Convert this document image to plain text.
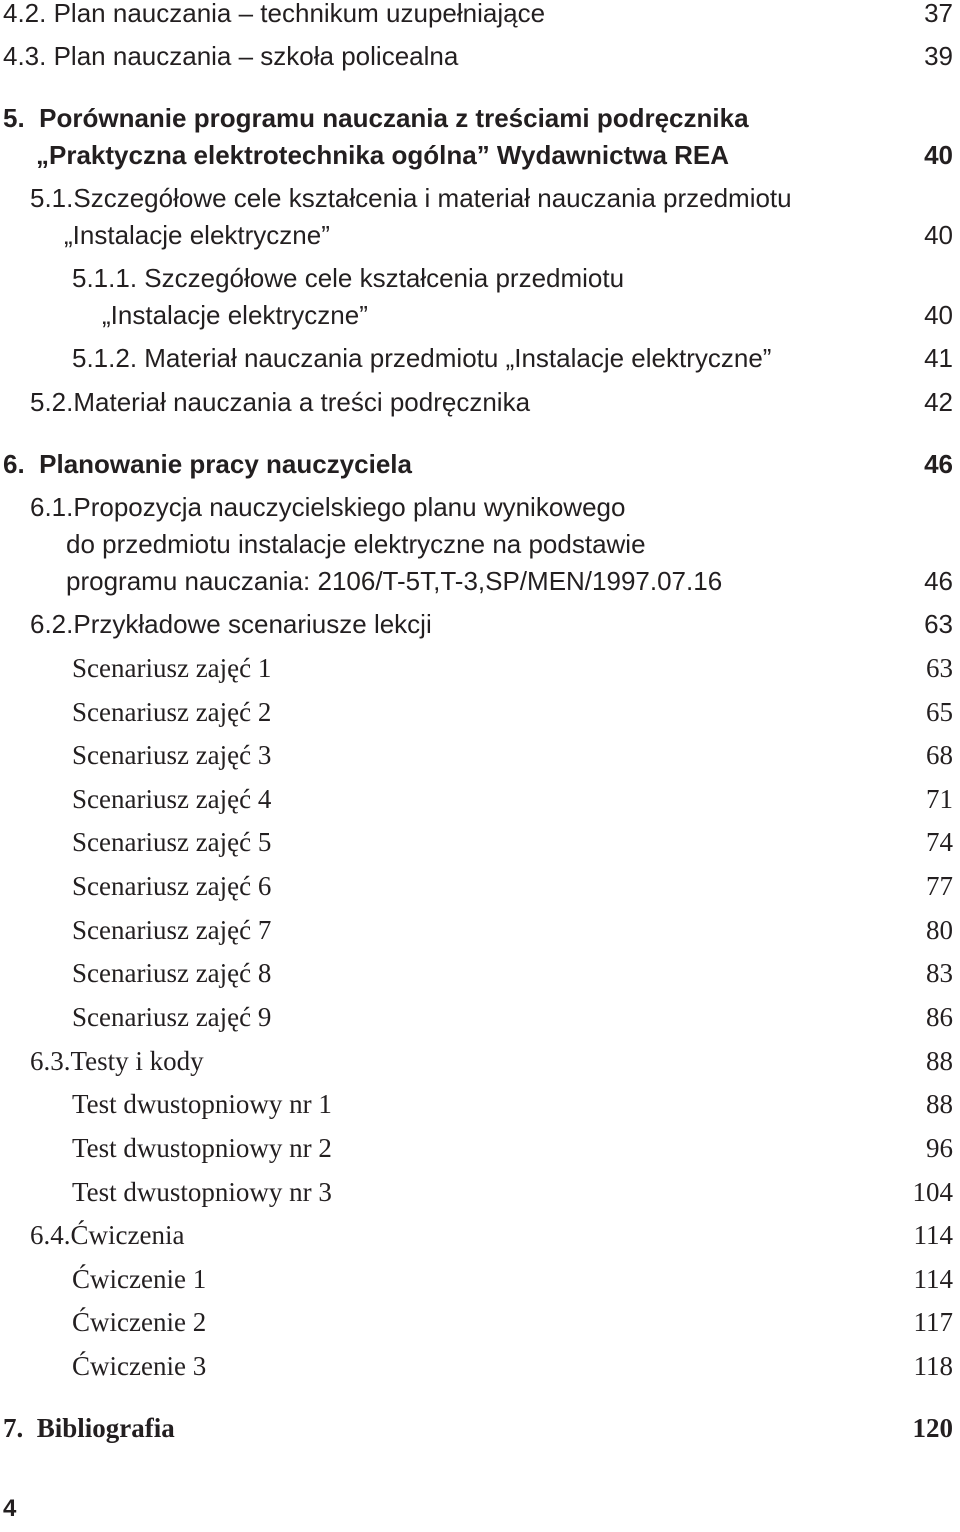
4.2. Plan nauczania – technikum uzupełniające	37
4.3. Plan nauczania – szkoła policealna	39
5.  Porównanie programu nauczania z treściami podręcznika
„Praktyczna elektrotechnika ogólna” Wydawnictwa REA	40
5.1.Szczegółowe cele kształcenia i materiał nauczania przedmiotu
„Instalacje elektryczne”	40
5.1.1. Szczegółowe cele kształcenia przedmiotu
„Instalacje elektryczne”	40
5.1.2. Materiał nauczania przedmiotu „Instalacje elektryczne”	41
5.2.Materiał nauczania a treści podręcznika	42
6.  Planowanie pracy nauczyciela	46
6.1.Propozycja nauczycielskiego planu wynikowego
do przedmiotu instalacje elektryczne na podstawie
programu nauczania: 2106/T-5T,T-3,SP/MEN/1997.07.16	46
6.2.Przykładowe scenariusze lekcji	63
Scenariusz zajęć 1	63
Scenariusz zajęć 2	65
Scenariusz zajęć 3	68
Scenariusz zajęć 4	71
Scenariusz zajęć 5	74
Scenariusz zajęć 6	77
Scenariusz zajęć 7	80
Scenariusz zajęć 8	83
Scenariusz zajęć 9	86
6.3.Testy i kody	88
Test dwustopniowy nr 1	88
Test dwustopniowy nr 2	96
Test dwustopniowy nr 3	104
6.4.Ćwiczenia	114
Ćwiczenie 1	114
Ćwiczenie 2	117
Ćwiczenie 3	118
7.  Bibliografia	120
4
